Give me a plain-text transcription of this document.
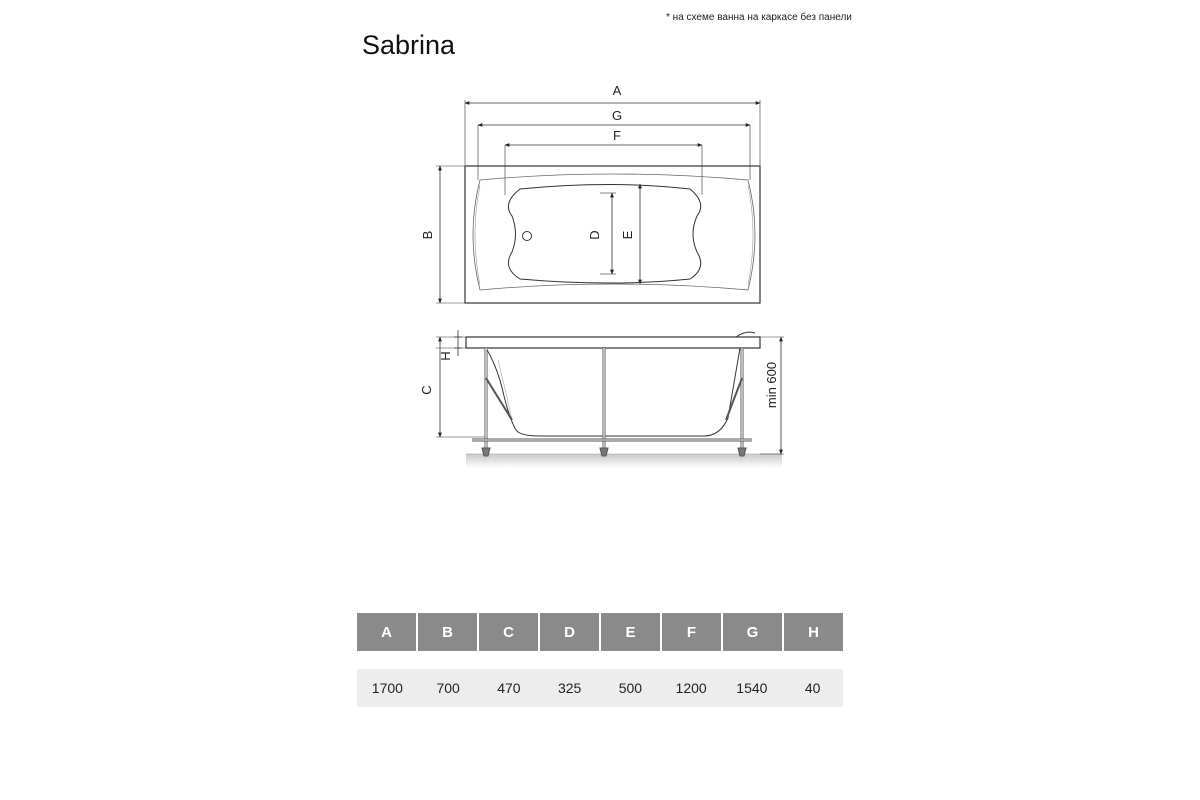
* на схеме ванна на каркасе без панели
Sabrina
A
G
F
B	D E
H
C	min 600
A	B	C	D	E	F	G	H
1700	700	470	325	500	1200	1540	40
